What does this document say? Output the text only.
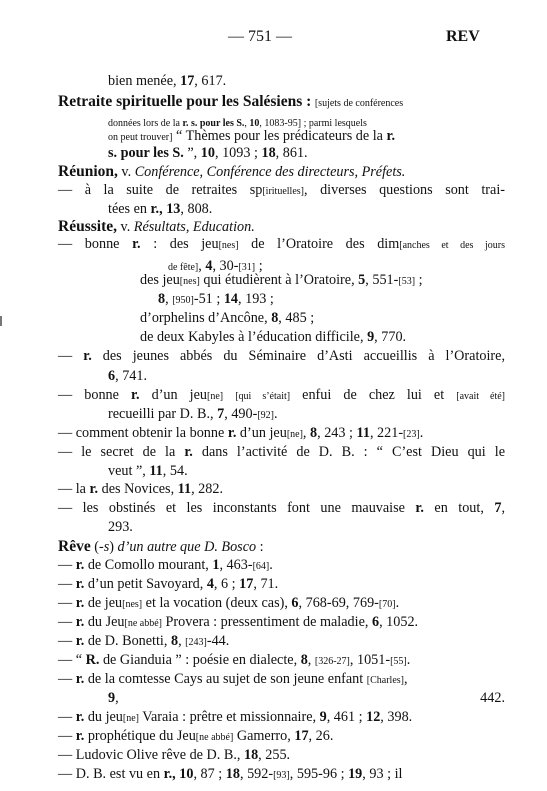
— 751 —	REV
bien menée, 17, 617.
Retraite spirituelle pour les Salésiens : [sujets de conférences
données lors de la r. s. pour les S., 10, 1083-95] ; parmi lesquels
on peut trouver] “ Thèmes pour les prédicateurs de la r.
s. pour les S. ”, 10, 1093 ; 18, 861.
Réunion, v. Conférence, Conférence des directeurs, Préfets.
— à la suite de retraites sp[irituelles], diverses questions sont trai-
tées en r., 13, 808.
Réussite, v. Résultats, Education.
— bonne r. : des jeu[nes] de l’Oratoire des dim[anches et des jours
de fête], 4, 30-[31] ;
des jeu[nes] qui étudièrent à l’Oratoire, 5, 551-[53] ;
8, [950]-51 ; 14, 193 ;
d’orphelins d’Ancône, 8, 485 ;
de deux Kabyles à l’éducation difficile, 9, 770.
— r. des jeunes abbés du Séminaire d’Asti accueillis à l’Oratoire,
6, 741.
— bonne r. d’un jeu[ne] [qui s’était] enfui de chez lui et [avait été]
recueilli par D. B., 7, 490-[92].
— comment obtenir la bonne r. d’un jeu[ne], 8, 243 ; 11, 221-[23].
— le secret de la r. dans l’activité de D. B. : “ C’est Dieu qui le
veut ”, 11, 54.
— la r. des Novices, 11, 282.
— les obstinés et les inconstants font une mauvaise r. en tout, 7,
293.
Rêve (-s) d’un autre que D. Bosco :
— r. de Comollo mourant, 1, 463-[64].
— r. d’un petit Savoyard, 4, 6 ; 17, 71.
— r. de jeu[nes] et la vocation (deux cas), 6, 768-69, 769-[70].
— r. du Jeu[ne abbé] Provera : pressentiment de maladie, 6, 1052.
— r. de D. Bonetti, 8, [243]-44.
— “ R. de Gianduia ” : poésie en dialecte, 8, [326-27], 1051-[55].
— r. de la comtesse Cays au sujet de son jeune enfant [Charles],
9, 442.
— r. du jeu[ne] Varaia : prêtre et missionnaire, 9, 461 ; 12, 398.
— r. prophétique du Jeu[ne abbé] Gamerro, 17, 26.
— Ludovic Olive rêve de D. B., 18, 255.
— D. B. est vu en r., 10, 87 ; 18, 592-[93], 595-96 ; 19, 93 ; il
